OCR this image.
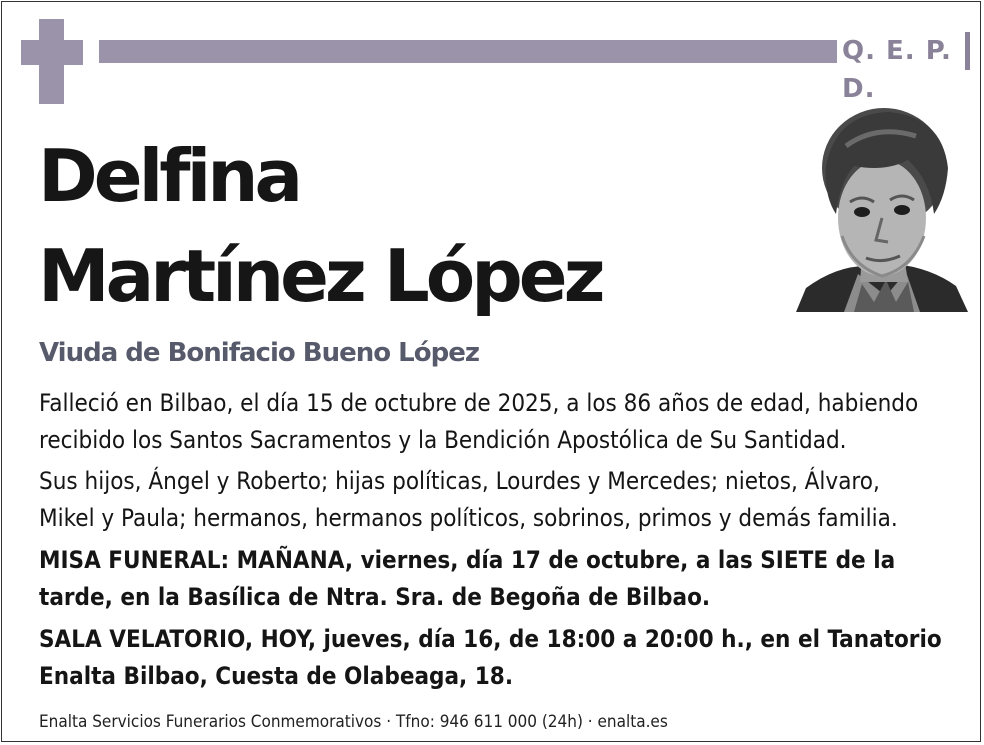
Q. E. P. D.
Delfina
Martínez López
Viuda de Bonifacio Bueno López
Falleció en Bilbao, el día 15 de octubre de 2025, a los 86 años de edad, habiendo
recibido los Santos Sacramentos y la Bendición Apostólica de Su Santidad.
Sus hijos, Ángel y Roberto; hijas políticas, Lourdes y Mercedes; nietos, Álvaro,
Mikel y Paula; hermanos, hermanos políticos, sobrinos, primos y demás familia.
MISA FUNERAL: MAÑANA, viernes, día 17 de octubre, a las SIETE de la
tarde, en la Basílica de Ntra. Sra. de Begoña de Bilbao.
SALA VELATORIO, HOY, jueves, día 16, de 18:00 a 20:00 h., en el Tanatorio
Enalta Bilbao, Cuesta de Olabeaga, 18.
Enalta Servicios Funerarios Conmemorativos · Tfno: 946 611 000 (24h) · enalta.es
